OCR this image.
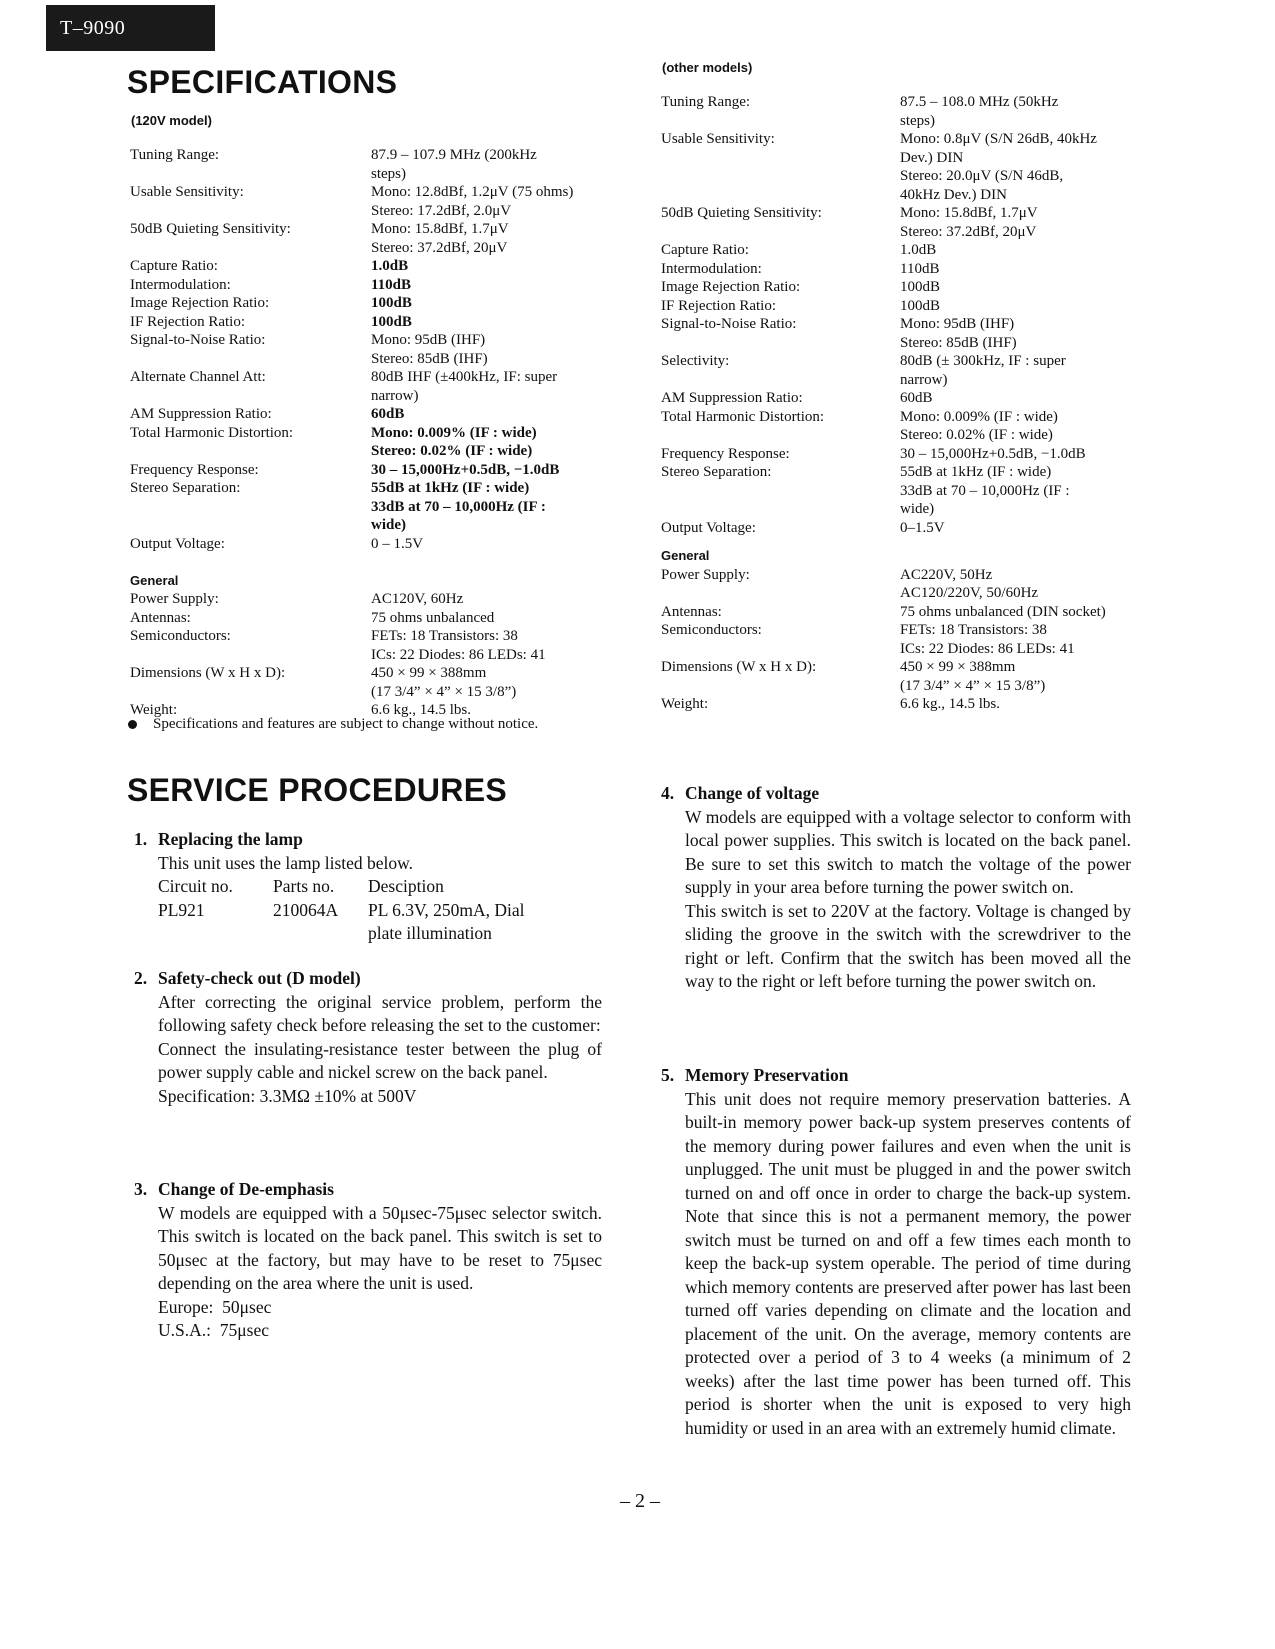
T–9090
SPECIFICATIONS
(120V model)
(other models)
Tuning Range:	87.9 – 107.9 MHz (200kHz
steps)
Usable Sensitivity:	Mono: 12.8dBf, 1.2μV (75 ohms)
Stereo: 17.2dBf, 2.0μV
50dB Quieting Sensitivity:	Mono: 15.8dBf, 1.7μV
Stereo: 37.2dBf, 20μV
Capture Ratio:	1.0dB
Intermodulation:	110dB
Image Rejection Ratio:	100dB
IF Rejection Ratio:	100dB
Signal-to-Noise Ratio:	Mono: 95dB (IHF)
Stereo: 85dB (IHF)
Alternate Channel Att:	80dB IHF (±400kHz, IF: super
narrow)
AM Suppression Ratio:	60dB
Total Harmonic Distortion:	Mono: 0.009% (IF : wide)
Stereo: 0.02% (IF : wide)
Frequency Response:	30 – 15,000Hz+0.5dB, −1.0dB
Stereo Separation:	55dB at 1kHz (IF : wide)
33dB at 70 – 10,000Hz (IF :
wide)
Output Voltage:	0 – 1.5V
General
Power Supply:	AC120V, 60Hz
Antennas:	75 ohms unbalanced
Semiconductors:	FETs: 18 Transistors: 38
ICs: 22 Diodes: 86 LEDs: 41
Dimensions (W x H x D):	450 × 99 × 388mm
(17 3/4” × 4” × 15 3/8”)
Weight:	6.6 kg., 14.5 lbs.
Tuning Range:	87.5 – 108.0 MHz (50kHz
steps)
Usable Sensitivity:	Mono: 0.8μV (S/N 26dB, 40kHz
Dev.) DIN
Stereo: 20.0μV (S/N 46dB,
40kHz Dev.) DIN
50dB Quieting Sensitivity:	Mono: 15.8dBf, 1.7μV
Stereo: 37.2dBf, 20μV
Capture Ratio:	1.0dB
Intermodulation:	110dB
Image Rejection Ratio:	100dB
IF Rejection Ratio:	100dB
Signal-to-Noise Ratio:	Mono: 95dB (IHF)
Stereo: 85dB (IHF)
Selectivity:	80dB (± 300kHz, IF : super
narrow)
AM Suppression Ratio:	60dB
Total Harmonic Distortion:	Mono: 0.009% (IF : wide)
Stereo: 0.02% (IF : wide)
Frequency Response:	30 – 15,000Hz+0.5dB, −1.0dB
Stereo Separation:	55dB at 1kHz (IF : wide)
33dB at 70 – 10,000Hz (IF :
wide)
Output Voltage:	0–1.5V
General
Power Supply:	AC220V, 50Hz
AC120/220V, 50/60Hz
Antennas:	75 ohms unbalanced (DIN socket)
Semiconductors:	FETs: 18 Transistors: 38
ICs: 22 Diodes: 86 LEDs: 41
Dimensions (W x H x D):	450 × 99 × 388mm
(17 3/4” × 4” × 15 3/8”)
Weight:	6.6 kg., 14.5 lbs.
Specifications and features are subject to change without notice.
SERVICE PROCEDURES
1. Replacing the lamp

This unit uses the lamp listed below.

Circuit no.	Parts no.	Desciption
PL921	210064A	PL 6.3V, 250mA, Dial
plate illumination
2. Safety-check out (D model)

After correcting the original service problem, perform the following safety check before releasing the set to the customer:

Connect the insulating-resistance tester between the plug of power supply cable and nickel screw on the back panel.

Specification: 3.3MΩ ±10% at 500V

3. Change of De-emphasis

W models are equipped with a 50μsec-75μsec selector switch. This switch is located on the back panel. This switch is set to 50μsec at the factory, but may have to be reset to 75μsec depending on the area where the unit is used.

Europe:  50μsec

U.S.A.:  75μsec

4. Change of voltage

W models are equipped with a voltage selector to conform with local power supplies. This switch is located on the back panel. Be sure to set this switch to match the voltage of the power supply in your area before turning the power switch on.

This switch is set to 220V at the factory. Voltage is changed by sliding the groove in the switch with the screwdriver to the right or left. Confirm that the switch has been moved all the way to the right or left before turning the power switch on.

5. Memory Preservation

This unit does not require memory preservation batteries. A built-in memory power back-up system preserves contents of the memory during power failures and even when the unit is unplugged. The unit must be plugged in and the power switch turned on and off once in order to charge the back-up system. Note that since this is not a permanent memory, the power switch must be turned on and off a few times each month to keep the back-up system operable. The period of time during which memory contents are preserved after power has last been turned off varies depending on climate and the location and placement of the unit. On the average, memory contents are protected over a period of 3 to 4 weeks (a minimum of 2 weeks) after the last time power has been turned off. This period is shorter when the unit is exposed to very high humidity or used in an area with an extremely humid climate.

– 2 –
